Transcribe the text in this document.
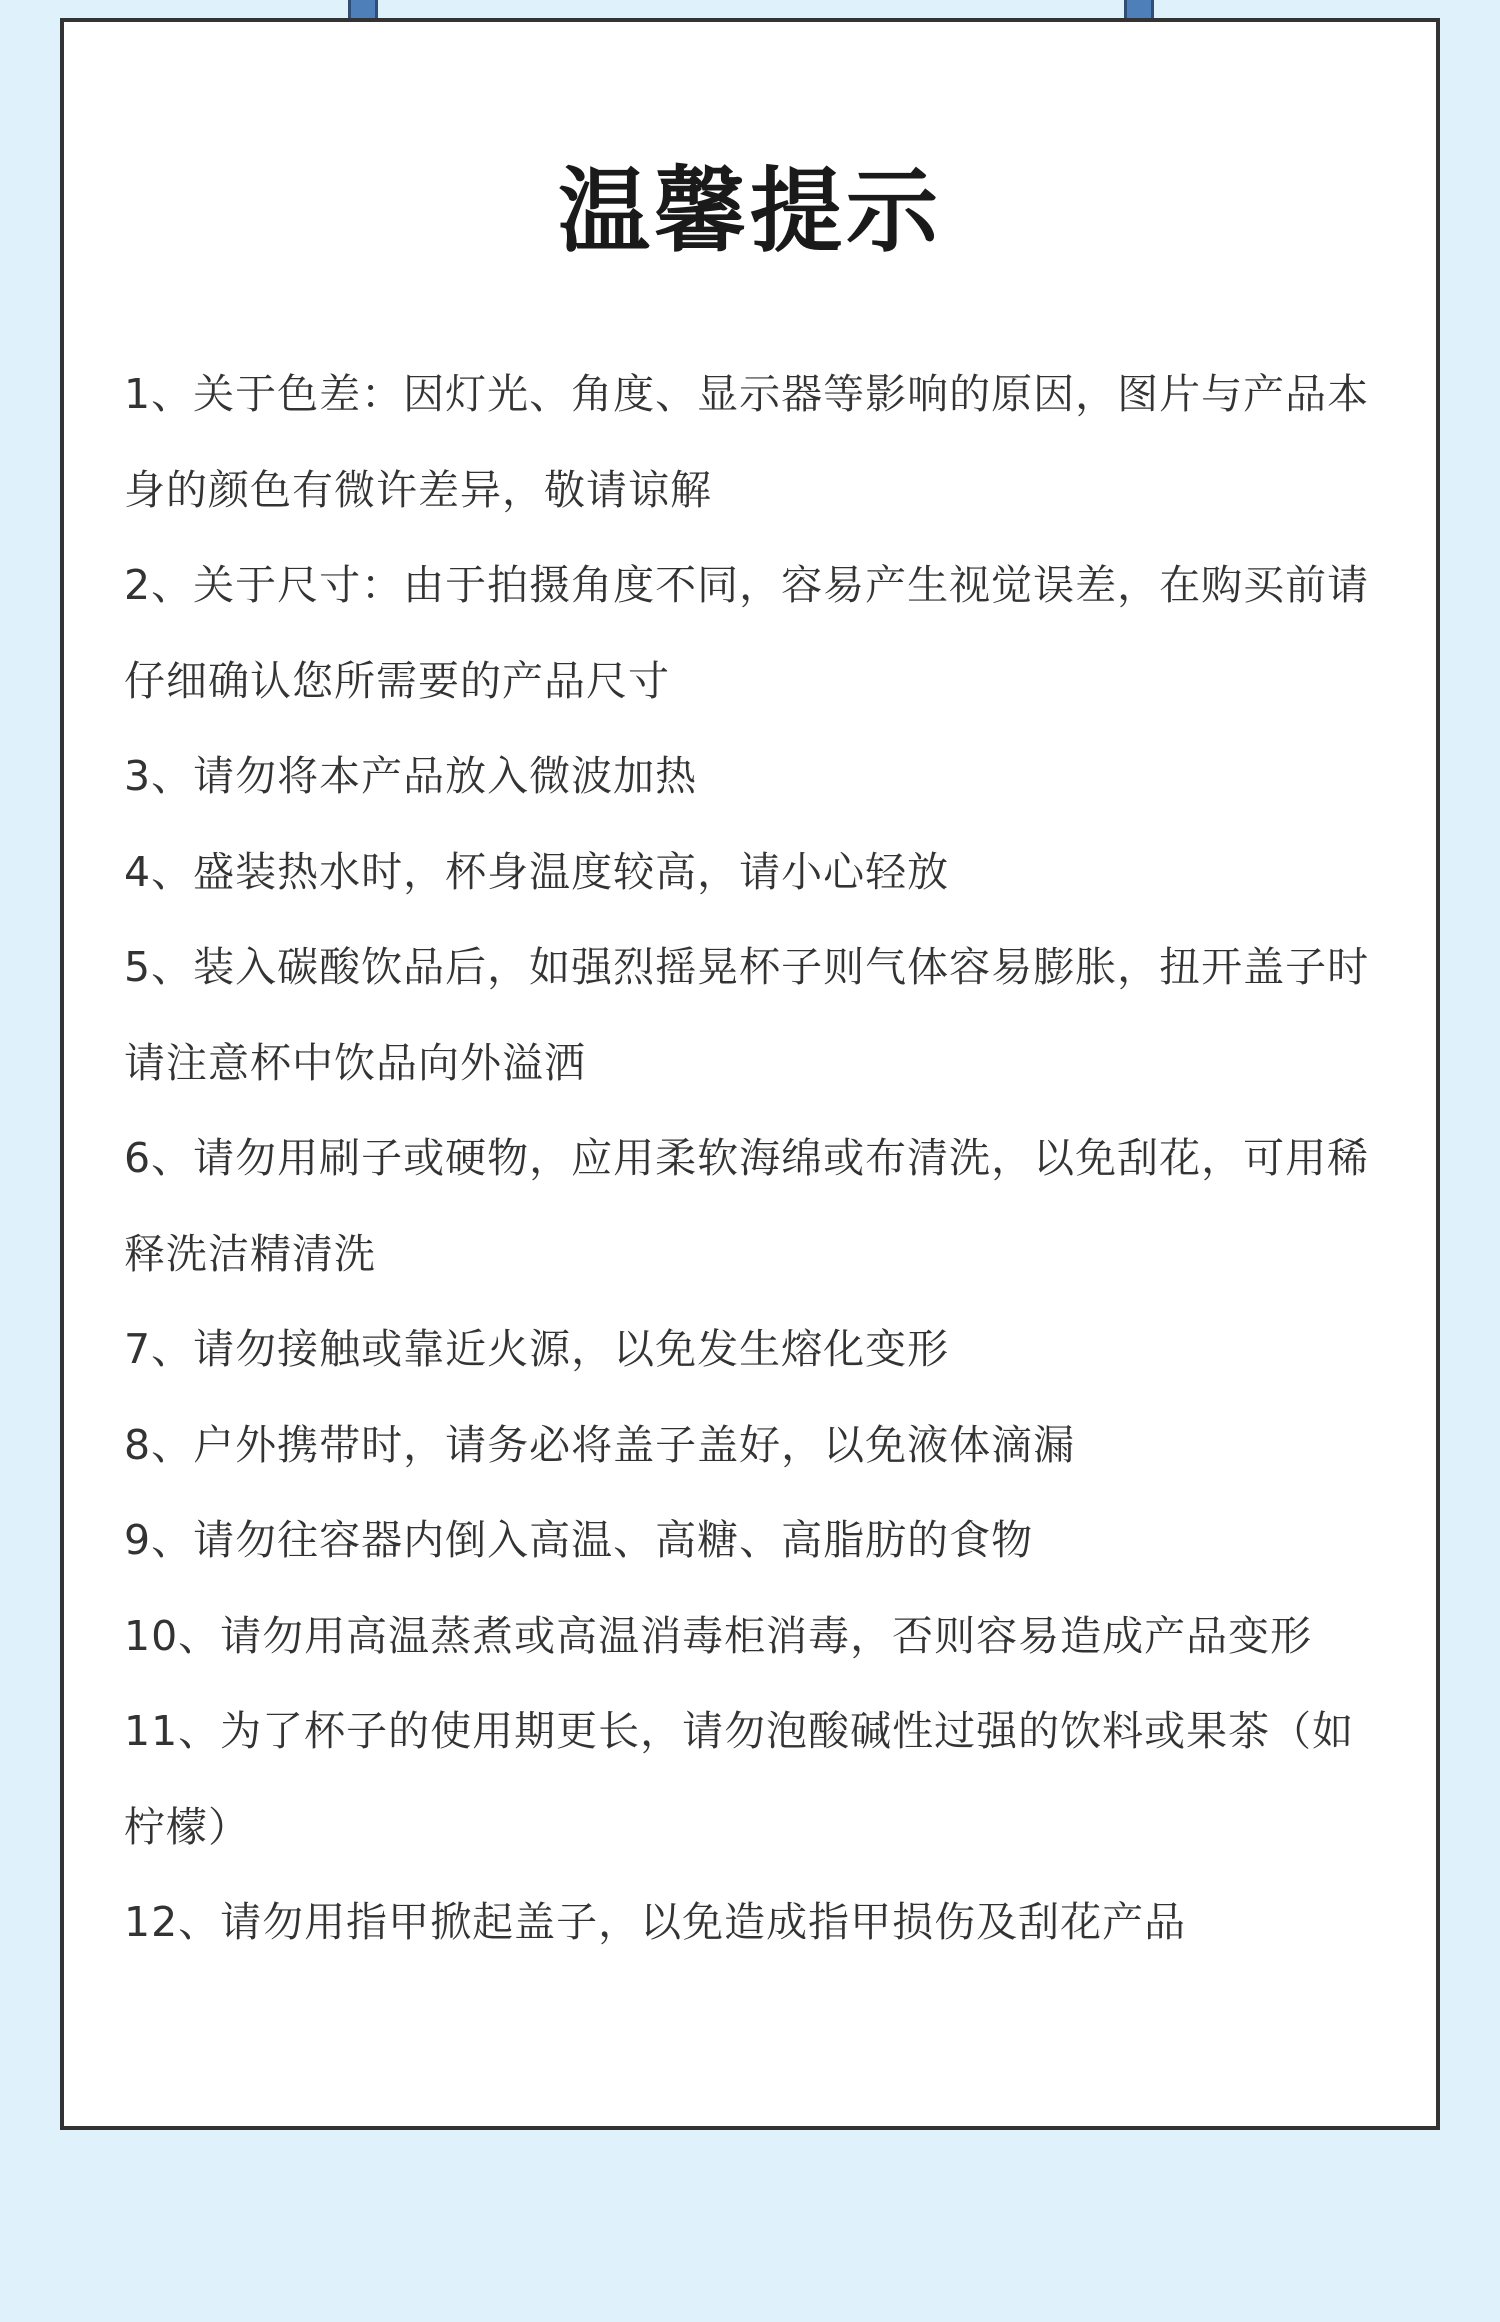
温馨提示
1、关于色差：因灯光、角度、显示器等影响的原因，图片与产品本身的颜色有微许差异，敬请谅解
2、关于尺寸：由于拍摄角度不同，容易产生视觉误差，在购买前请仔细确认您所需要的产品尺寸
3、请勿将本产品放入微波加热
4、盛装热水时，杯身温度较高，请小心轻放
5、装入碳酸饮品后，如强烈摇晃杯子则气体容易膨胀，扭开盖子时请注意杯中饮品向外溢洒
6、请勿用刷子或硬物，应用柔软海绵或布清洗，以免刮花，可用稀释洗洁精清洗
7、请勿接触或靠近火源，以免发生熔化变形
8、户外携带时，请务必将盖子盖好，以免液体滴漏
9、请勿往容器内倒入高温、高糖、高脂肪的食物
10、请勿用高温蒸煮或高温消毒柜消毒，否则容易造成产品变形
11、为了杯子的使用期更长，请勿泡酸碱性过强的饮料或果茶（如柠檬）
12、请勿用指甲掀起盖子，以免造成指甲损伤及刮花产品
